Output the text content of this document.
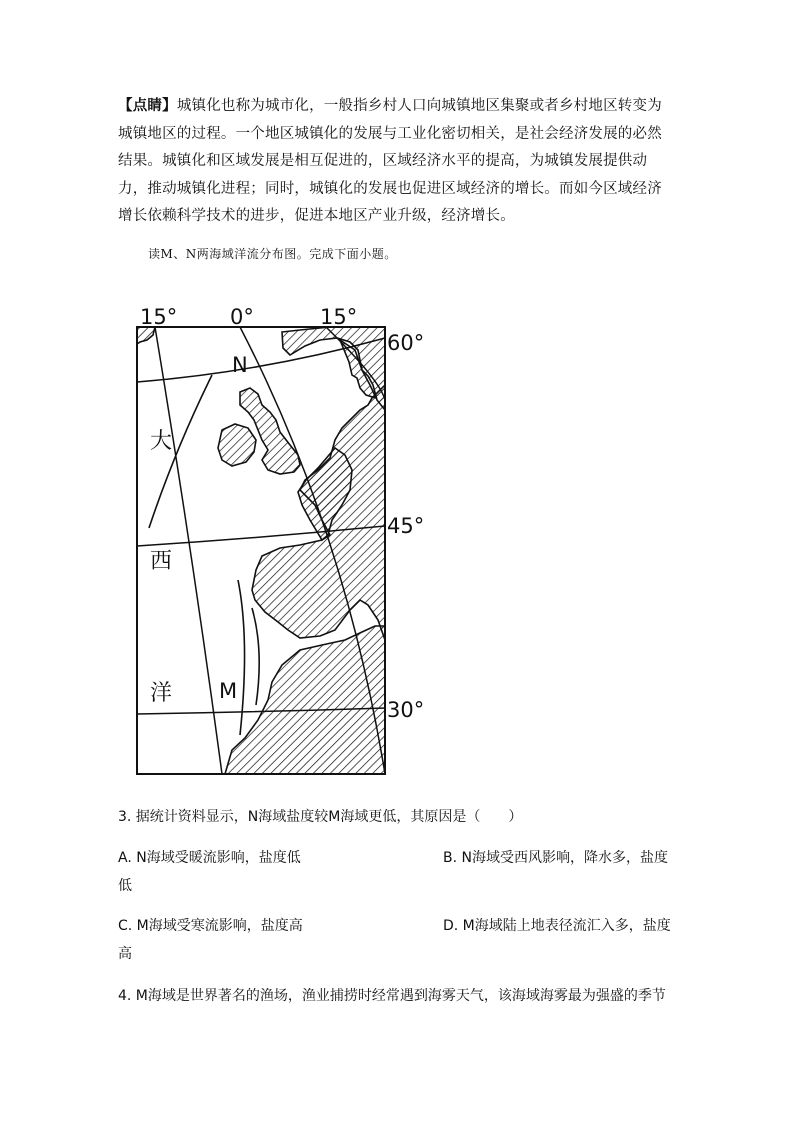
【点睛】城镇化也称为城市化，一般指乡村人口向城镇地区集聚或者乡村地区转变为城镇地区的过程。一个地区城镇化的发展与工业化密切相关，是社会经济发展的必然结果。城镇化和区域发展是相互促进的，区域经济水平的提高，为城镇发展提供动力，推动城镇化进程；同时，城镇化的发展也促进区域经济的增长。而如今区域经济增长依赖科学技术的进步，促进本地区产业升级，经济增长。
读M、N两海域洋流分布图。完成下面小题。
15°	0°	15°
60°
45°
30°
N
M
大
西
洋
3. 据统计资料显示，N海域盐度较M海域更低，其原因是（　　）
A. N海域受暖流影响，盐度低	B. N海域受西风影响，降水多，盐度
低
C. M海域受寒流影响，盐度高	D. M海域陆上地表径流汇入多，盐度
高
4. M海域是世界著名的渔场，渔业捕捞时经常遇到海雾天气，该海域海雾最为强盛的季节
